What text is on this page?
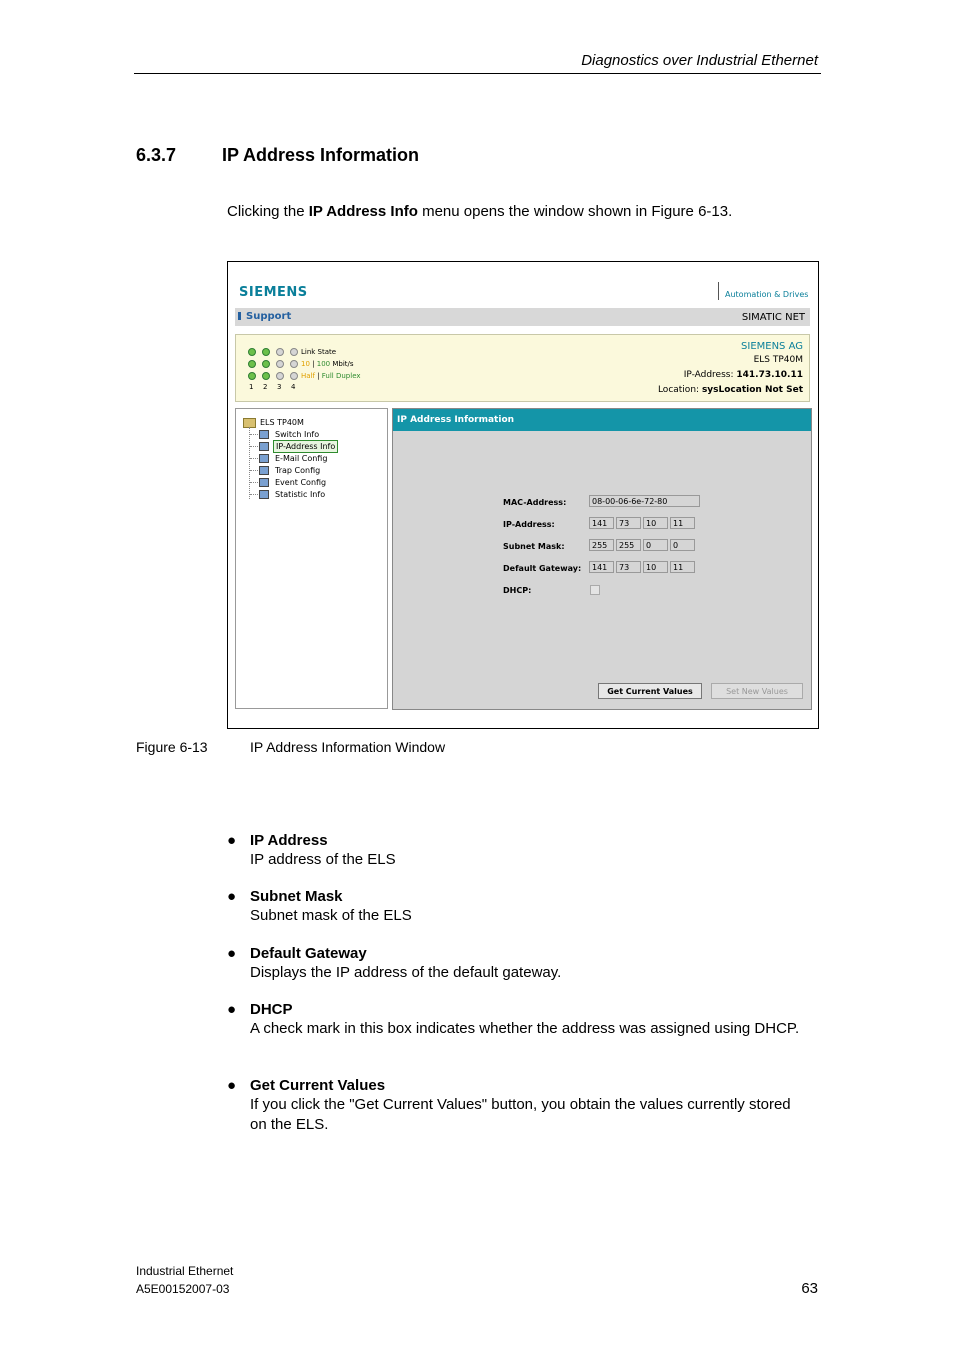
Diagnostics over Industrial Ethernet
6.3.7	IP Address Information
Clicking the IP Address Info menu opens the window shown in Figure 6-13.
SIEMENS	Automation & Drives
Support	SIMATIC NET
Link State
10 | 100 Mbit/s
Half | Full Duplex
1 2 3 4
SIEMENS AG
ELS TP40M
IP-Address: 141.73.10.11
Location: sysLocation Not Set
ELS TP40M
Switch Info
IP-Address Info
E-Mail Config
Trap Config
Event Config
Statistic Info
IP Address Information
MAC-Address:	08-00-06-6e-72-80
IP-Address:	141	73	10	11
Subnet Mask:	255	255	0	0
Default Gateway:	141	73	10	11
DHCP:
Get Current Values	Set New Values
Figure 6-13	IP Address Information Window
● IP Address
IP address of the ELS
● Subnet Mask
Subnet mask of the ELS
● Default Gateway
Displays the IP address of the default gateway.
● DHCP
A check mark in this box indicates whether the address was assigned using DHCP.
● Get Current Values
If you click the "Get Current Values" button, you obtain the values currently stored on the ELS.
Industrial Ethernet
A5E00152007-03	63
